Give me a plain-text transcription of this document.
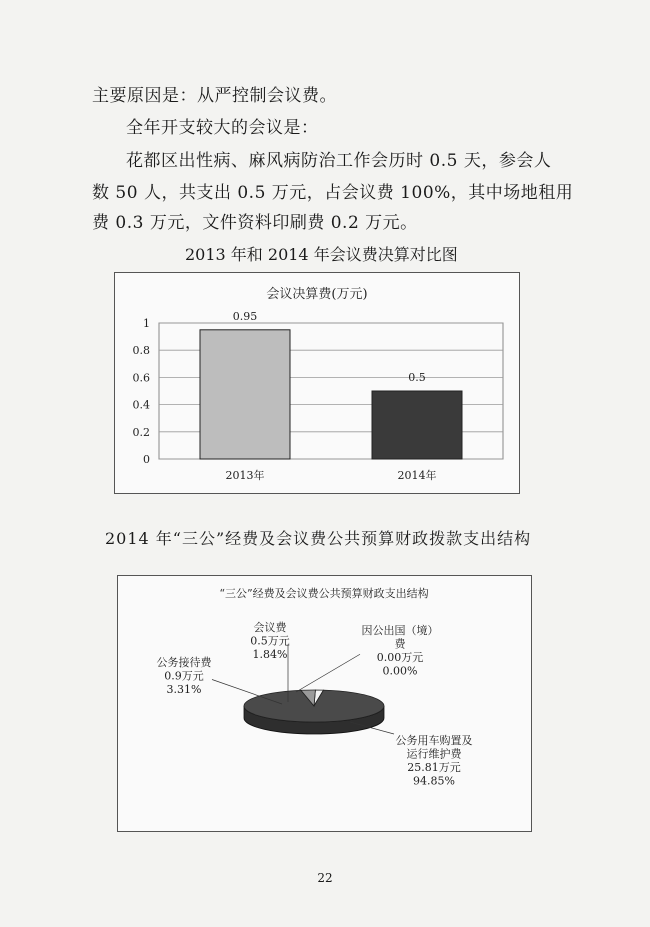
主要原因是：从严控制会议费。
全年开支较大的会议是：
花都区出性病、麻风病防治工作会历时 0.5 天，参会人
数 50 人，共支出 0.5 万元，占会议费 100%，其中场地租用
费 0.3 万元，文件资料印刷费 0.2 万元。
2013 年和 2014 年会议费决算对比图
会议决算费(万元)
0
0.2
0.4
0.6
0.8
1
0.95
2013年
0.5
2014年
2014 年“三公”经费及会议费公共预算财政拨款支出结构
“三公”经费及会议费公共预算财政支出结构
会议费
0.5万元
1.84%
因公出国（境）
费
0.00万元
0.00%
公务用车购置及
运行维护费
25.81万元
94.85%
公务接待费
0.9万元
3.31%
22
